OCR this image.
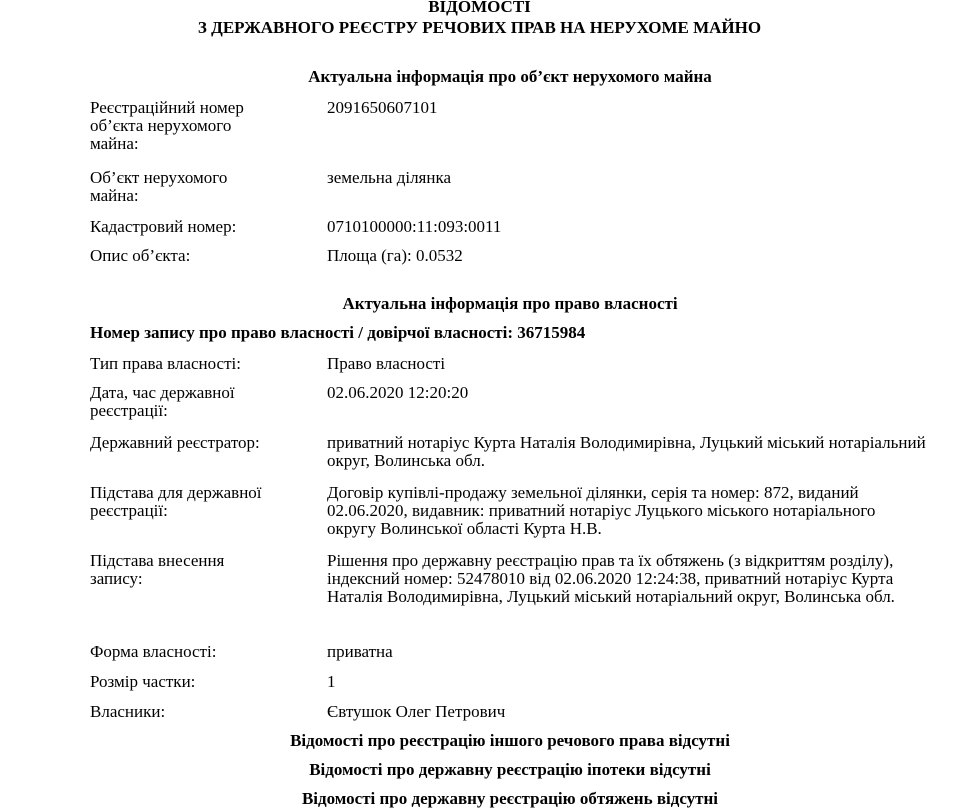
ВІДОМОСТІ
З ДЕРЖАВНОГО РЕЄСТРУ РЕЧОВИХ ПРАВ НА НЕРУХОМЕ МАЙНО
Актуальна інформація про об’єкт нерухомого майна
Реєстраційний номер об’єкта нерухомого майна:
2091650607101
Об’єкт нерухомого майна:
земельна ділянка
Кадастровий номер:	0710100000:11:093:0011
Опис об’єкта:	Площа (га): 0.0532
Актуальна інформація про право власності
Номер запису про право власності / довірчої власності: 36715984
Тип права власності:	Право власності
Дата, час державної реєстрації:
02.06.2020 12:20:20
Державний реєстратор:	приватний нотаріус Курта Наталія Володимирівна, Луцький міський нотаріальний округ, Волинська обл.
Підстава для державної реєстрації:
Договір купівлі-продажу земельної ділянки, серія та номер: 872, виданий 02.06.2020, видавник: приватний нотаріус Луцького міського нотаріального округу Волинської області Курта Н.В.
Підстава внесення запису:
Рішення про державну реєстрацію прав та їх обтяжень (з відкриттям розділу), індексний номер: 52478010 від 02.06.2020 12:24:38, приватний нотаріус Курта Наталія Володимирівна, Луцький міський нотаріальний округ, Волинська обл.
Форма власності:	приватна
Розмір частки:	1
Власники:	Євтушок Олег Петрович
Відомості про реєстрацію іншого речового права відсутні
Відомості про державну реєстрацію іпотеки відсутні
Відомості про державну реєстрацію обтяжень відсутні
